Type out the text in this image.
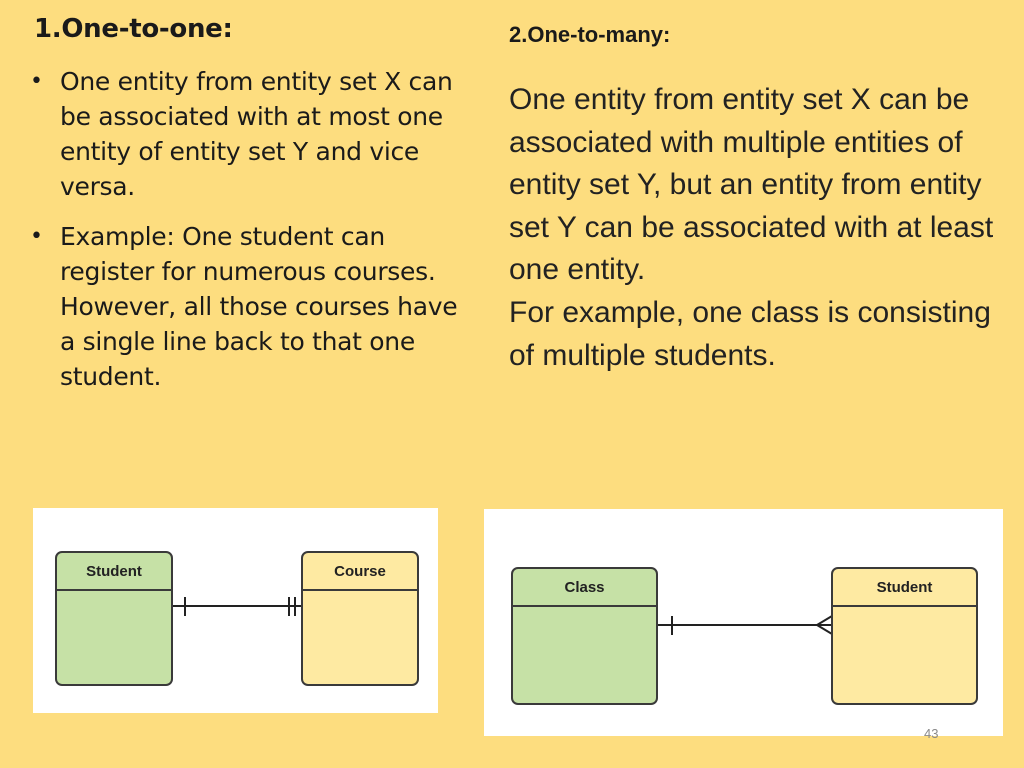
1.One-to-one:
• One entity from entity set X can be associated with at most one entity of entity set Y and vice versa.
• Example: One student can register for numerous courses. However, all those courses have a single line back to that one student.
2.One-to-many:

One entity from entity set X can be associated with multiple entities of entity set Y, but an entity from entity set Y can be associated with at least one entity.
For example, one class is consisting of multiple students.

Student	Course
Class	Student
43
